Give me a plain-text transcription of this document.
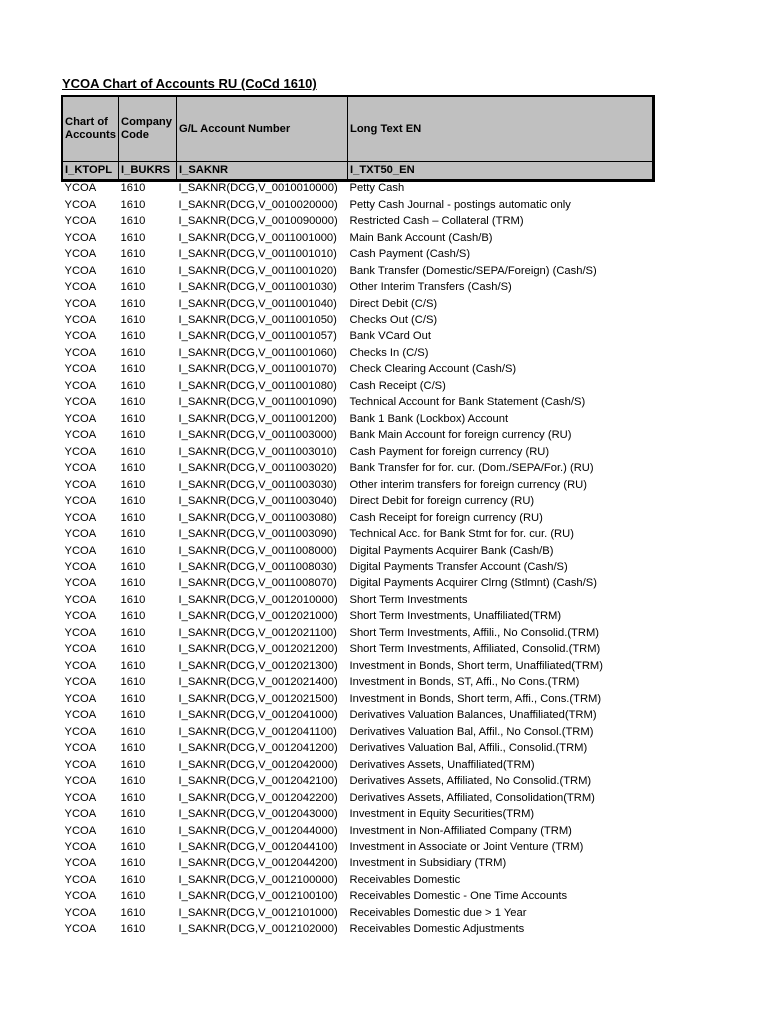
YCOA Chart of Accounts RU (CoCd 1610)
Chart of Accounts	Company Code	G/L Account Number	Long Text EN
I_KTOPL	I_BUKRS	I_SAKNR	I_TXT50_EN
YCOA	1610	I_SAKNR(DCG,V_0010010000)	Petty Cash
YCOA	1610	I_SAKNR(DCG,V_0010020000)	Petty Cash Journal - postings automatic only
YCOA	1610	I_SAKNR(DCG,V_0010090000)	Restricted Cash – Collateral (TRM)
YCOA	1610	I_SAKNR(DCG,V_0011001000)	Main Bank Account (Cash/B)
YCOA	1610	I_SAKNR(DCG,V_0011001010)	Cash Payment (Cash/S)
YCOA	1610	I_SAKNR(DCG,V_0011001020)	Bank Transfer (Domestic/SEPA/Foreign) (Cash/S)
YCOA	1610	I_SAKNR(DCG,V_0011001030)	Other Interim Transfers (Cash/S)
YCOA	1610	I_SAKNR(DCG,V_0011001040)	Direct Debit (C/S)
YCOA	1610	I_SAKNR(DCG,V_0011001050)	Checks Out (C/S)
YCOA	1610	I_SAKNR(DCG,V_0011001057)	Bank VCard Out
YCOA	1610	I_SAKNR(DCG,V_0011001060)	Checks In (C/S)
YCOA	1610	I_SAKNR(DCG,V_0011001070)	Check Clearing Account (Cash/S)
YCOA	1610	I_SAKNR(DCG,V_0011001080)	Cash Receipt (C/S)
YCOA	1610	I_SAKNR(DCG,V_0011001090)	Technical Account for Bank Statement (Cash/S)
YCOA	1610	I_SAKNR(DCG,V_0011001200)	Bank 1 Bank (Lockbox) Account
YCOA	1610	I_SAKNR(DCG,V_0011003000)	Bank Main Account for foreign currency (RU)
YCOA	1610	I_SAKNR(DCG,V_0011003010)	Cash Payment for foreign currency (RU)
YCOA	1610	I_SAKNR(DCG,V_0011003020)	Bank Transfer for for. cur. (Dom./SEPA/For.) (RU)
YCOA	1610	I_SAKNR(DCG,V_0011003030)	Other interim transfers for foreign currency (RU)
YCOA	1610	I_SAKNR(DCG,V_0011003040)	Direct Debit for foreign currency (RU)
YCOA	1610	I_SAKNR(DCG,V_0011003080)	Cash Receipt for foreign currency (RU)
YCOA	1610	I_SAKNR(DCG,V_0011003090)	Technical Acc. for Bank Stmt for for. cur. (RU)
YCOA	1610	I_SAKNR(DCG,V_0011008000)	Digital Payments Acquirer Bank (Cash/B)
YCOA	1610	I_SAKNR(DCG,V_0011008030)	Digital Payments Transfer Account (Cash/S)
YCOA	1610	I_SAKNR(DCG,V_0011008070)	Digital Payments Acquirer Clrng (Stlmnt) (Cash/S)
YCOA	1610	I_SAKNR(DCG,V_0012010000)	Short Term Investments
YCOA	1610	I_SAKNR(DCG,V_0012021000)	Short Term Investments, Unaffiliated(TRM)
YCOA	1610	I_SAKNR(DCG,V_0012021100)	Short Term Investments, Affili., No Consolid.(TRM)
YCOA	1610	I_SAKNR(DCG,V_0012021200)	Short Term Investments, Affiliated, Consolid.(TRM)
YCOA	1610	I_SAKNR(DCG,V_0012021300)	Investment in Bonds, Short term, Unaffiliated(TRM)
YCOA	1610	I_SAKNR(DCG,V_0012021400)	Investment in Bonds, ST, Affi., No Cons.(TRM)
YCOA	1610	I_SAKNR(DCG,V_0012021500)	Investment in Bonds, Short term, Affi., Cons.(TRM)
YCOA	1610	I_SAKNR(DCG,V_0012041000)	Derivatives Valuation Balances, Unaffiliated(TRM)
YCOA	1610	I_SAKNR(DCG,V_0012041100)	Derivatives Valuation Bal, Affil., No Consol.(TRM)
YCOA	1610	I_SAKNR(DCG,V_0012041200)	Derivatives Valuation Bal, Affili., Consolid.(TRM)
YCOA	1610	I_SAKNR(DCG,V_0012042000)	Derivatives Assets, Unaffiliated(TRM)
YCOA	1610	I_SAKNR(DCG,V_0012042100)	Derivatives Assets, Affiliated, No Consolid.(TRM)
YCOA	1610	I_SAKNR(DCG,V_0012042200)	Derivatives Assets, Affiliated, Consolidation(TRM)
YCOA	1610	I_SAKNR(DCG,V_0012043000)	Investment in Equity Securities(TRM)
YCOA	1610	I_SAKNR(DCG,V_0012044000)	Investment in Non-Affiliated Company (TRM)
YCOA	1610	I_SAKNR(DCG,V_0012044100)	Investment in Associate or Joint Venture (TRM)
YCOA	1610	I_SAKNR(DCG,V_0012044200)	Investment in Subsidiary (TRM)
YCOA	1610	I_SAKNR(DCG,V_0012100000)	Receivables Domestic
YCOA	1610	I_SAKNR(DCG,V_0012100100)	Receivables Domestic - One Time Accounts
YCOA	1610	I_SAKNR(DCG,V_0012101000)	Receivables Domestic due > 1 Year
YCOA	1610	I_SAKNR(DCG,V_0012102000)	Receivables Domestic Adjustments
